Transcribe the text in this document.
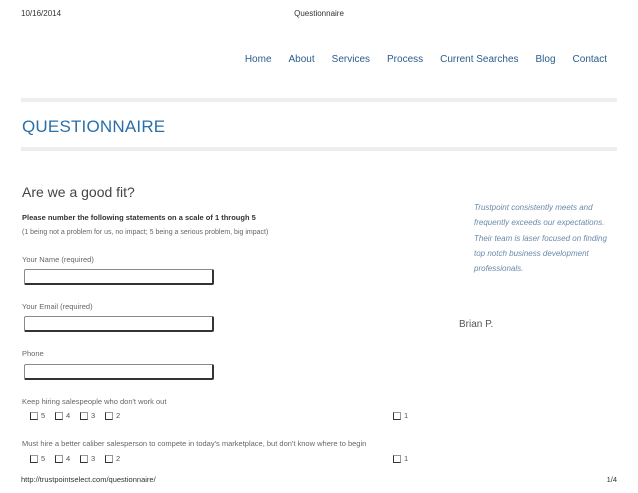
10/16/2014	Questionnaire
Home About Services Process Current Searches Blog Contact
QUESTIONNAIRE
Are we a good fit?
Please number the following statements on a scale of 1 through 5
(1 being not a problem for us, no impact; 5 being a serious problem, big impact)
Your Name (required)
Your Email (required)
Phone
Keep hiring salespeople who don't work out
5	4	3	2	1
Must hire a better caliber salesperson to compete in today's marketplace, but don't know where to begin
5	4	3	2	1
Trustpoint consistently meets and frequently exceeds our expectations. Their team is laser focused on finding top notch business development professionals.
Brian P.
http://trustpointselect.com/questionnaire/	1/4
